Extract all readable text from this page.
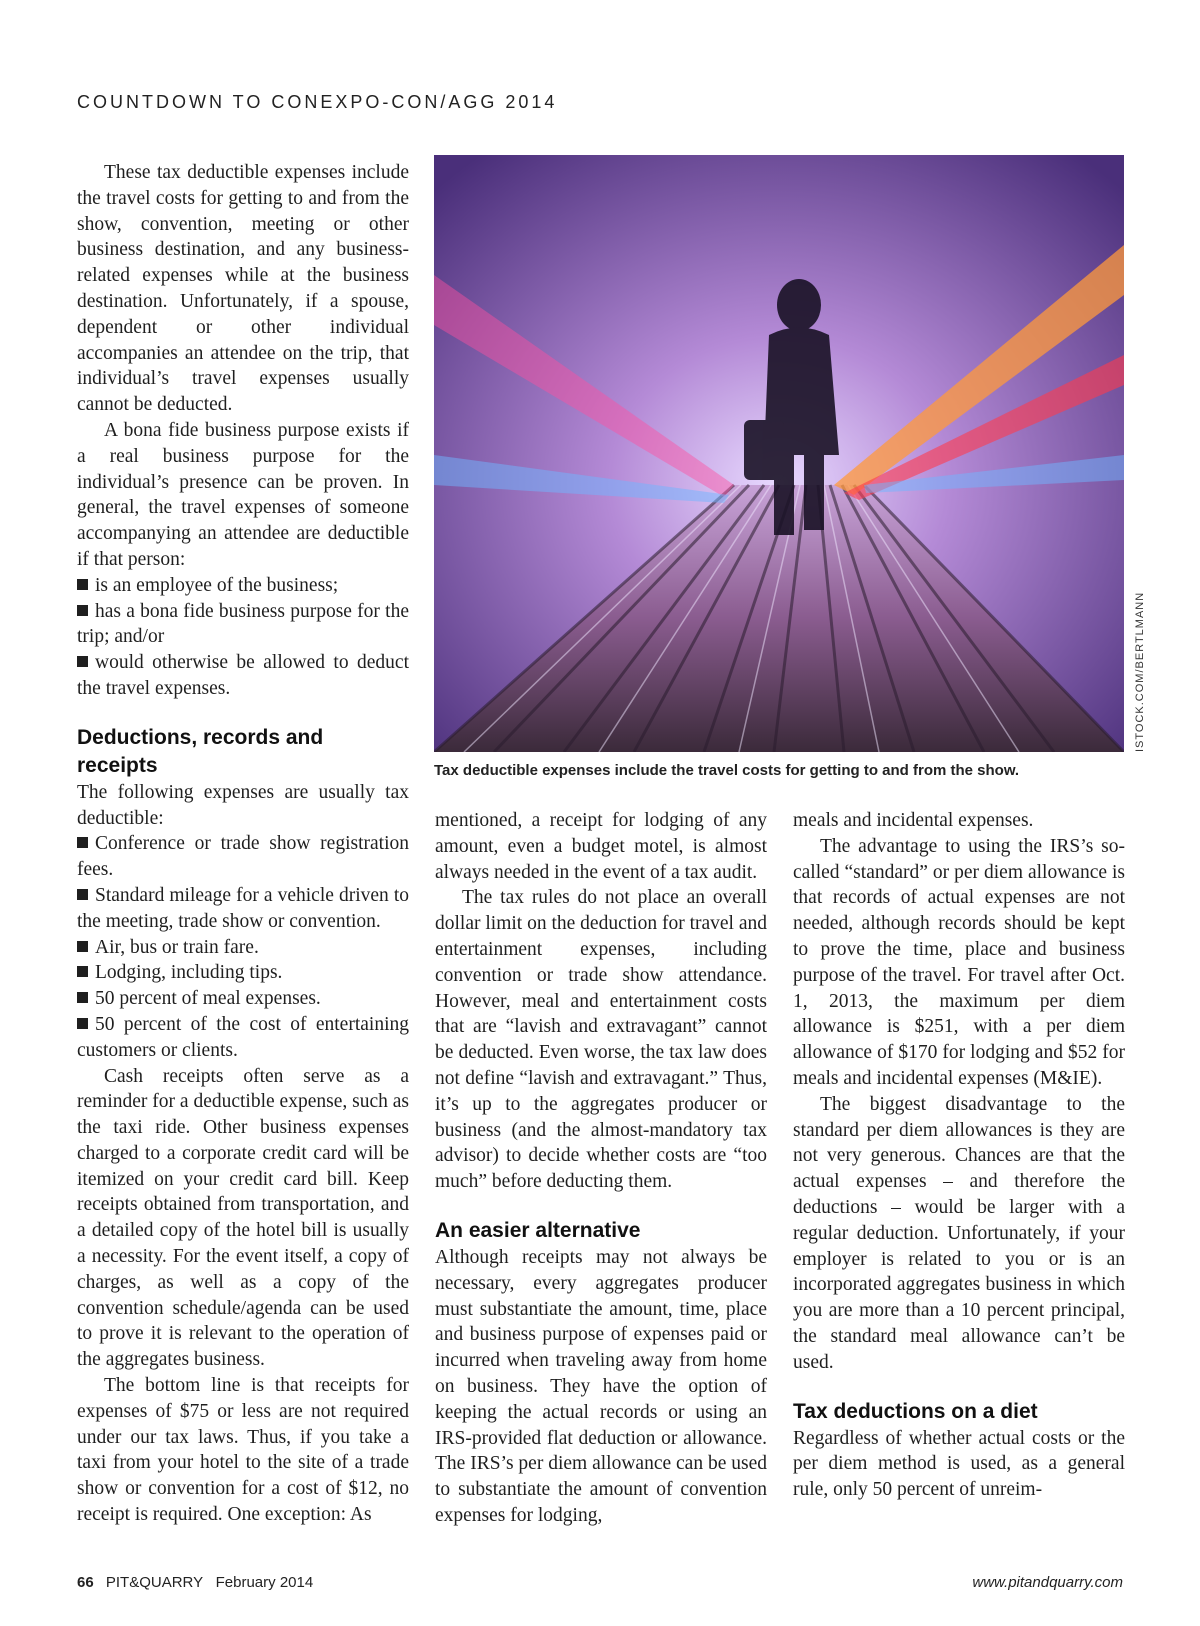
COUNTDOWN TO CONEXPO-CON/AGG 2014

These tax deductible expenses include the travel costs for getting to and from the show, convention, meeting or other business destination, and any business-related expenses while at the business destination. Unfortunately, if a spouse, dependent or other individual accompanies an attendee on the trip, that individual’s travel expenses usually cannot be deducted.

A bona fide business purpose exists if a real business purpose for the individual’s presence can be proven. In general, the travel expenses of someone accompanying an attendee are deductible if that person:

is an employee of the business;

has a bona fide business purpose for the trip; and/or

would otherwise be allowed to deduct the travel expenses.

Deductions, records and receipts

The following expenses are usually tax deductible:

Conference or trade show registration fees.

Standard mileage for a vehicle driven to the meeting, trade show or convention.

Air, bus or train fare.

Lodging, including tips.

50 percent of meal expenses.

50 percent of the cost of entertaining customers or clients.

Cash receipts often serve as a reminder for a deductible expense, such as the taxi ride. Other business expenses charged to a corporate credit card will be itemized on your credit card bill. Keep receipts obtained from transportation, and a detailed copy of the hotel bill is usually a necessity. For the event itself, a copy of charges, as well as a copy of the convention schedule/agenda can be used to prove it is relevant to the operation of the aggregates business.

The bottom line is that receipts for expenses of $75 or less are not required under our tax laws. Thus, if you take a taxi from your hotel to the site of a trade show or convention for a cost of $12, no receipt is required. One exception: As

Tax deductible expenses include the travel costs for getting to and from the show.
ISTOCK.COM/BERTLMANN

mentioned, a receipt for lodging of any amount, even a budget motel, is almost always needed in the event of a tax audit.

The tax rules do not place an overall dollar limit on the deduction for travel and entertainment expenses, including convention or trade show attendance. However, meal and entertainment costs that are “lavish and extravagant” cannot be deducted. Even worse, the tax law does not define “lavish and extravagant.” Thus, it’s up to the aggregates producer or business (and the almost-mandatory tax advisor) to decide whether costs are “too much” before deducting them.

An easier alternative

Although receipts may not always be necessary, every aggregates producer must substantiate the amount, time, place and business purpose of expenses paid or incurred when traveling away from home on business. They have the option of keeping the actual records or using an IRS-provided flat deduction or allowance. The IRS’s per diem allowance can be used to substantiate the amount of convention expenses for lodging,

meals and incidental expenses.

The advantage to using the IRS’s so-called “standard” or per diem allowance is that records of actual expenses are not needed, although records should be kept to prove the time, place and business purpose of the travel. For travel after Oct. 1, 2013, the maximum per diem allowance is $251, with a per diem allowance of $170 for lodging and $52 for meals and incidental expenses (M&IE).

The biggest disadvantage to the standard per diem allowances is they are not very generous. Chances are that the actual expenses – and therefore the deductions – would be larger with a regular deduction. Unfortunately, if your employer is related to you or is an incorporated aggregates business in which you are more than a 10 percent principal, the standard meal allowance can’t be used.

Tax deductions on a diet

Regardless of whether actual costs or the per diem method is used, as a general rule, only 50 percent of unreim-

66 PIT&QUARRY February 2014	www.pitandquarry.com
